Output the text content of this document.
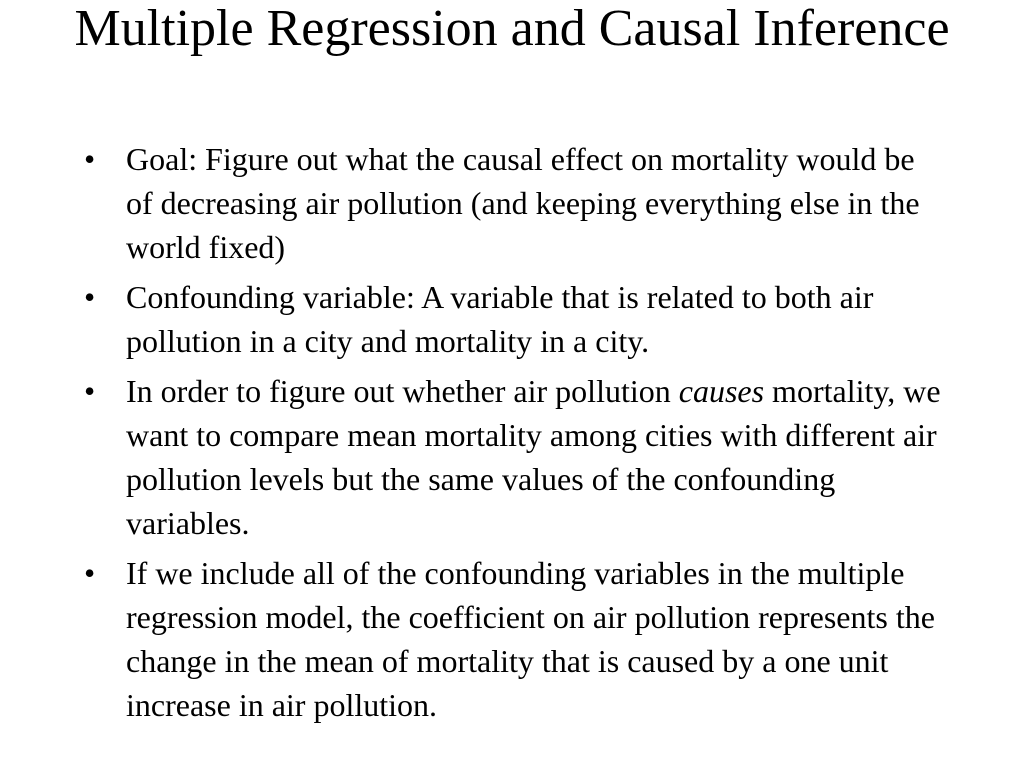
Multiple Regression and Causal Inference
• Goal: Figure out what the causal effect on mortality would be of decreasing air pollution (and keeping everything else in the world fixed)
• Confounding variable: A variable that is related to both air pollution in a city and mortality in a city.
• In order to figure out whether air pollution causes mortality, we want to compare mean mortality among cities with different air pollution levels but the same values of the confounding variables.
• If we include all of the confounding variables in the multiple regression model, the coefficient on air pollution represents the change in the mean of mortality that is caused by a one unit increase in air pollution.
